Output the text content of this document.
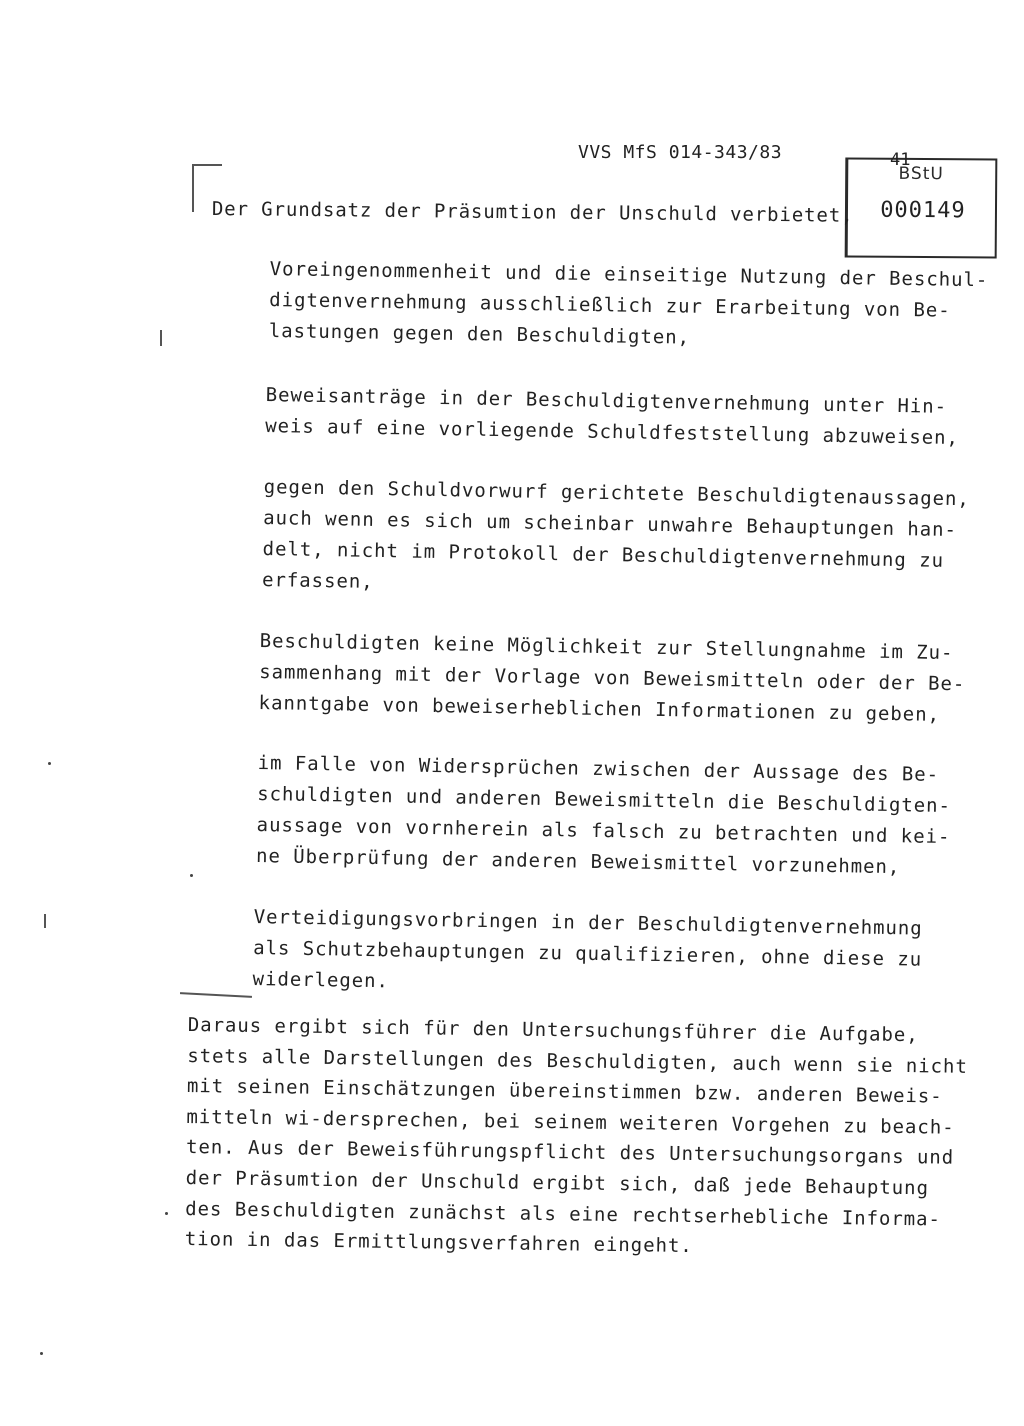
VVS MfS 014-343/83
BStU
000149
41
Der Grundsatz der Präsumtion der Unschuld verbietet,
Voreingenommenheit und die einseitige Nutzung der Beschul-
digtenvernehmung ausschließlich zur Erarbeitung von Be-
lastungen gegen den Beschuldigten,
Beweisanträge in der Beschuldigtenvernehmung unter Hin-
weis auf eine vorliegende Schuldfeststellung abzuweisen,
gegen den Schuldvorwurf gerichtete Beschuldigtenaussagen,
auch wenn es sich um scheinbar unwahre Behauptungen han-
delt, nicht im Protokoll der Beschuldigtenvernehmung zu
erfassen,
Beschuldigten keine Möglichkeit zur Stellungnahme im Zu-
sammenhang mit der Vorlage von Beweismitteln oder der Be-
kanntgabe von beweiserheblichen Informationen zu geben,
im Falle von Widersprüchen zwischen der Aussage des Be-
schuldigten und anderen Beweismitteln die Beschuldigten-
aussage von vornherein als falsch zu betrachten und kei-
ne Überprüfung der anderen Beweismittel vorzunehmen,
Verteidigungsvorbringen in der Beschuldigtenvernehmung
als Schutzbehauptungen zu qualifizieren, ohne diese zu
widerlegen.
Daraus ergibt sich für den Untersuchungsführer die Aufgabe,
stets alle Darstellungen des Beschuldigten, auch wenn sie nicht
mit seinen Einschätzungen übereinstimmen bzw. anderen Beweis-
mitteln wi-dersprechen, bei seinem weiteren Vorgehen zu beach-
ten. Aus der Beweisführungspflicht des Untersuchungsorgans und
der Präsumtion der Unschuld ergibt sich, daß jede Behauptung
des Beschuldigten zunächst als eine rechtserhebliche Informa-
tion in das Ermittlungsverfahren eingeht.
